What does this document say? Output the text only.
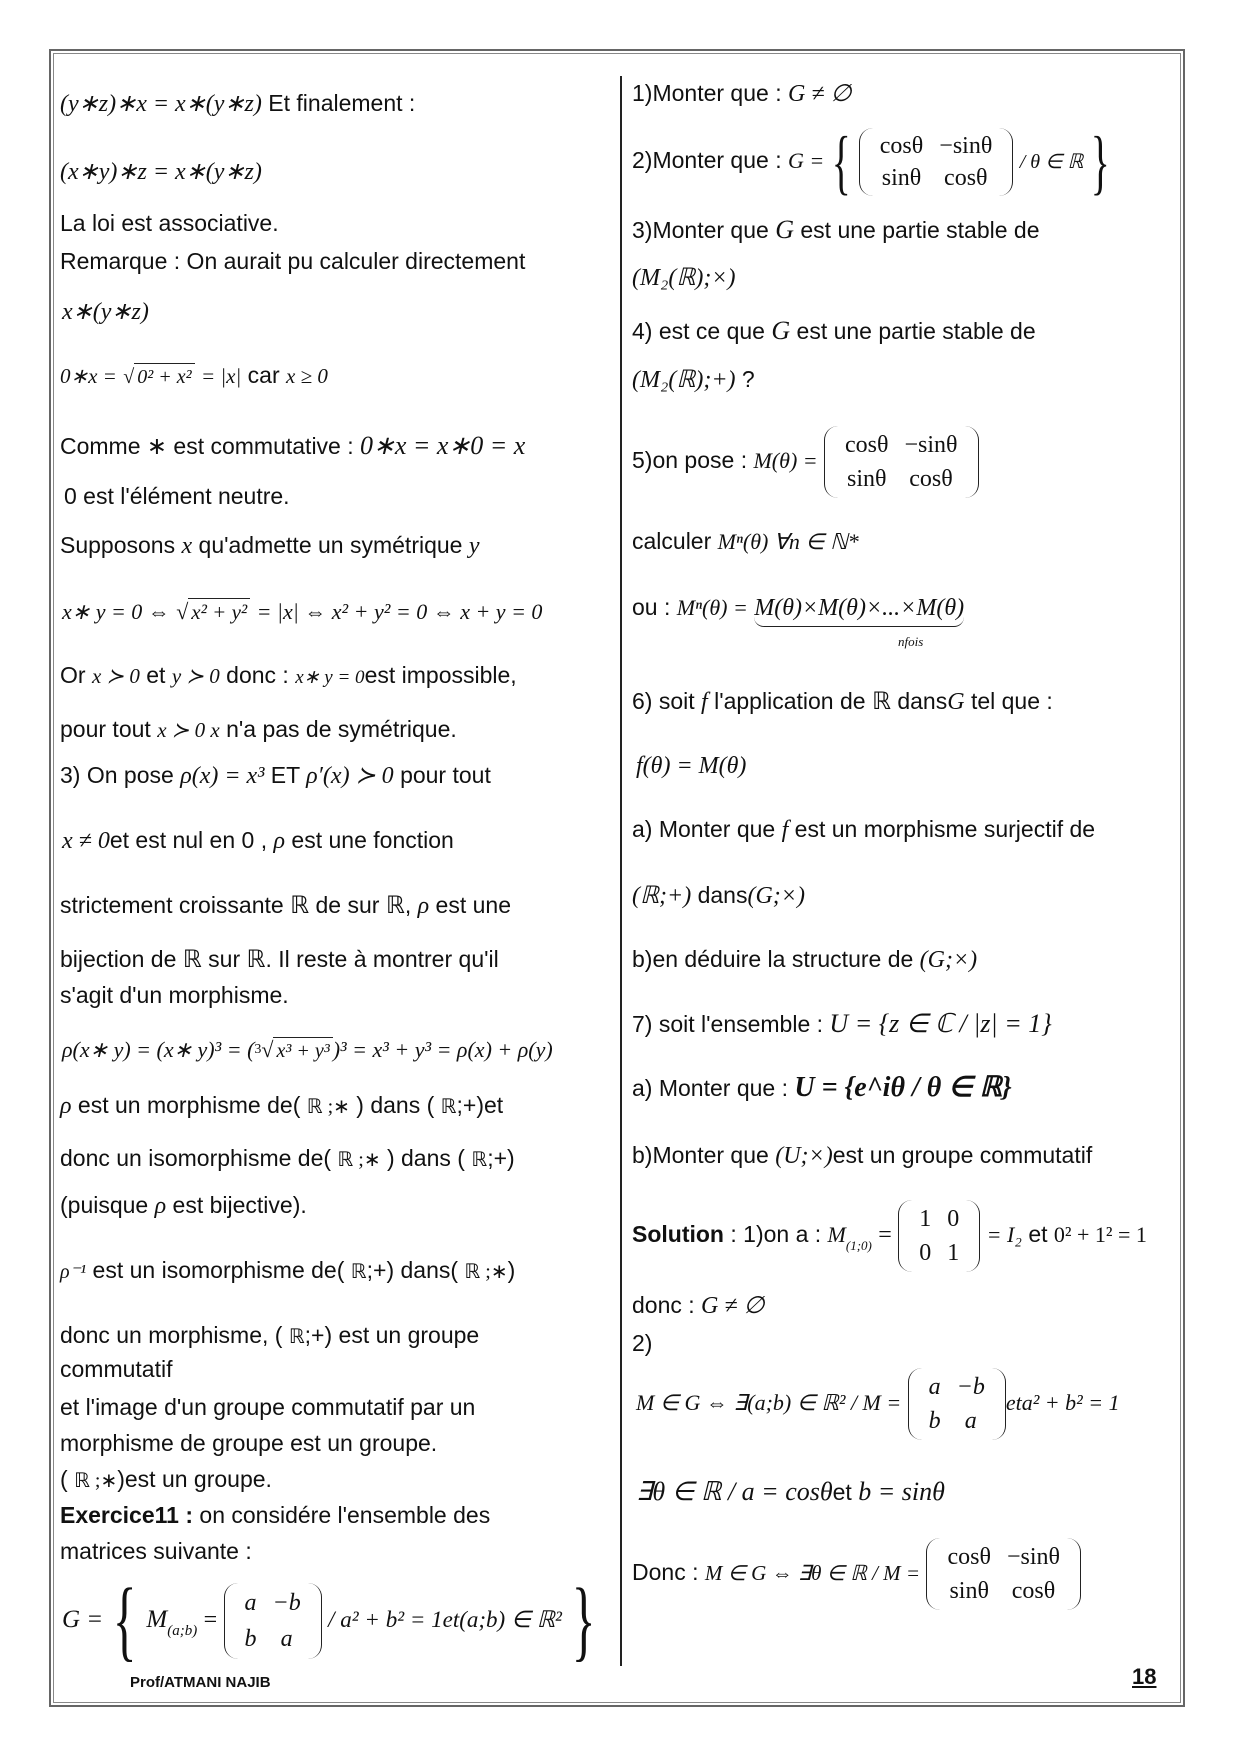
(y∗z)∗x = x∗(y∗z) Et finalement :
(x∗y)∗z = x∗(y∗z)
La loi est associative.
Remarque : On aurait pu calculer directement
x∗(y∗z)
0∗x = √ 0² + x² = |x| car x ≥ 0
Comme ∗ est commutative : 0∗x = x∗0 = x
0 est l'élément neutre.
Supposons x qu'admette un symétrique y
x∗ y = 0 ⇔ √ x² + y² = |x| ⇔ x² + y² = 0 ⇔ x + y = 0
Or x ≻ 0 et y ≻ 0 donc : x∗ y = 0est impossible,
pour tout x ≻ 0 x n'a pas de symétrique.
3) On pose ρ(x) = x³ ET ρ′(x) ≻ 0 pour tout
x ≠ 0et est nul en 0 , ρ est une fonction
strictement croissante ℝ de sur ℝ, ρ est une
bijection de ℝ sur ℝ. Il reste à montrer qu'il
s'agit d'un morphisme.
ρ(x∗ y) = (x∗ y)³ = ($^3$√ x³ + y³ )³ = x³ + y³ = ρ(x) + ρ(y)
ρ est un morphisme de( ℝ ;∗ ) dans ( ℝ;+)et
donc un isomorphisme de( ℝ ;∗ ) dans ( ℝ;+)
(puisque ρ est bijective).
ρ⁻¹ est un isomorphisme de( ℝ;+) dans( ℝ ;∗)
donc un morphisme, ( ℝ;+) est un groupe
commutatif
et l'image d'un groupe commutatif par un
morphisme de groupe est un groupe.
( ℝ ;∗)est un groupe.
Exercice11 : on considére l'ensemble des
matrices suivante :
G = { $M_{(a;b)}$ =
a	−b
b	a
/ a² + b² = 1et(a;b) ∈ ℝ² }
1)Monter que : G ≠ ∅
2)Monter que : G = { cosθ	−sinθ
sinθ	cosθ
/ θ ∈ ℝ }
3)Monter que G est une partie stable de
(M₂(ℝ);×)
4) est ce que G est une partie stable de
(M₂(ℝ);+) ?
5)on pose : M(θ) =
cosθ	−sinθ
sinθ	cosθ
calculer Mⁿ(θ) ∀n ∈ ℕ*
ou : Mⁿ(θ) = M(θ)×M(θ)×...×M(θ)
nfois
6) soit f l'application de ℝ dansG tel que :
f(θ) = M(θ)
a) Monter que f est un morphisme surjectif de
(ℝ;+) dans(G;×)
b)en déduire la structure de (G;×)
7) soit l'ensemble : U = {z ∈ ℂ / |z| = 1}
a) Monter que : U = {e^iθ / θ ∈ ℝ}
b)Monter que (U;×)est un groupe commutatif
Solution : 1)on a : $M_{(1;0)}$ =
1	0
0	1
= I₂ et 0² + 1² = 1
donc : G ≠ ∅
2)
M ∈ G ⇔ ∃(a;b) ∈ ℝ² / M =
a	−b
b	a
eta² + b² = 1
∃θ ∈ ℝ / a = cosθet b = sinθ
Donc : M ∈ G ⇔ ∃θ ∈ ℝ / M =
cosθ	−sinθ
sinθ	cosθ
Prof/ATMANI NAJIB	18
